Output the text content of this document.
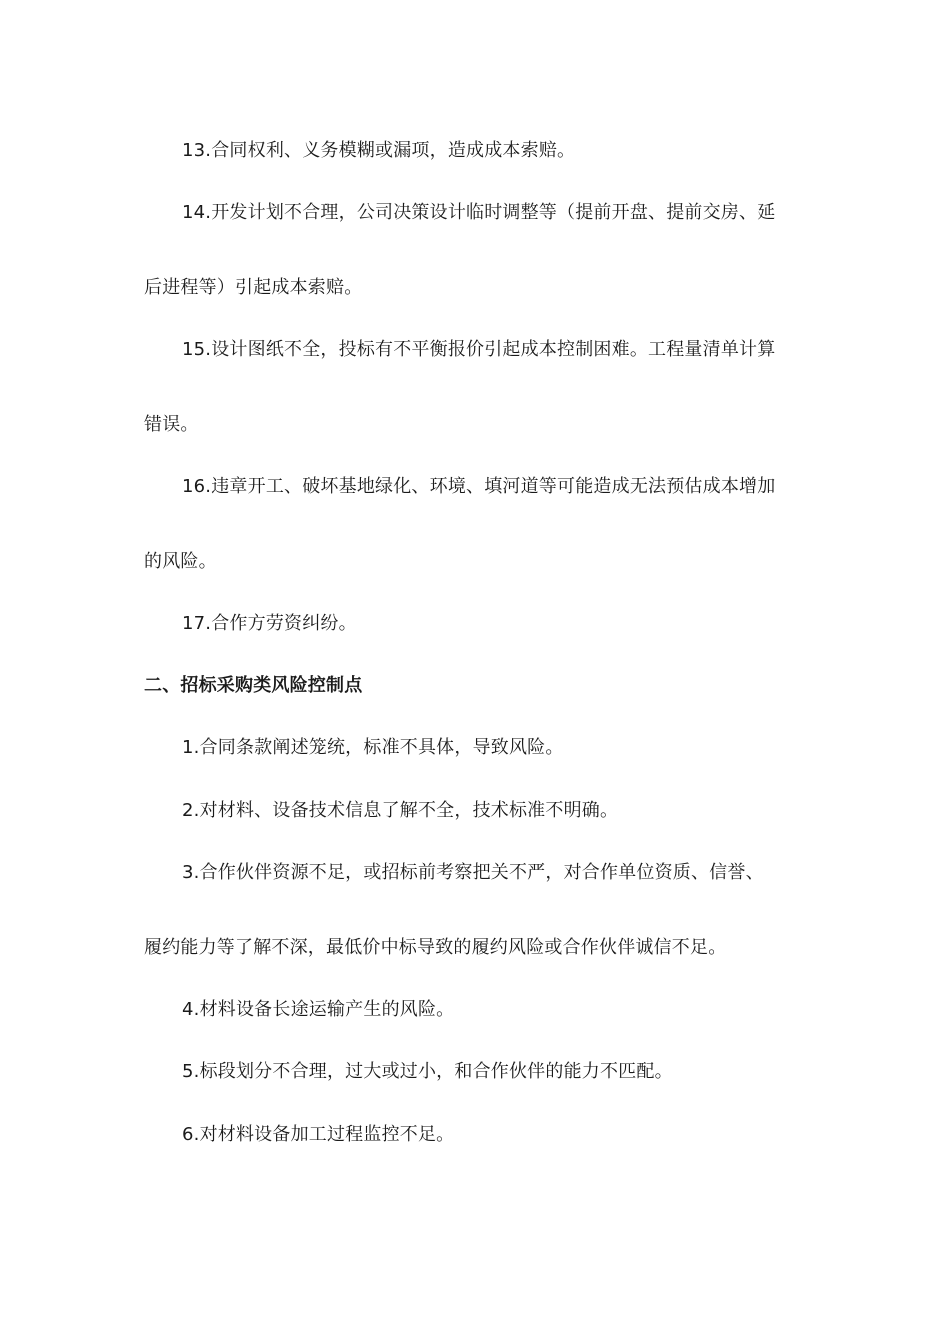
13.合同权利、义务模糊或漏项，造成成本索赔。
14.开发计划不合理，公司决策设计临时调整等（提前开盘、提前交房、延
后进程等）引起成本索赔。
15.设计图纸不全，投标有不平衡报价引起成本控制困难。工程量清单计算
错误。
16.违章开工、破坏基地绿化、环境、填河道等可能造成无法预估成本增加
的风险。
17.合作方劳资纠纷。
二、招标采购类风险控制点
1.合同条款阐述笼统，标准不具体，导致风险。
2.对材料、设备技术信息了解不全，技术标准不明确。
3.合作伙伴资源不足，或招标前考察把关不严，对合作单位资质、信誉、
履约能力等了解不深，最低价中标导致的履约风险或合作伙伴诚信不足。
4.材料设备长途运输产生的风险。
5.标段划分不合理，过大或过小，和合作伙伴的能力不匹配。
6.对材料设备加工过程监控不足。
